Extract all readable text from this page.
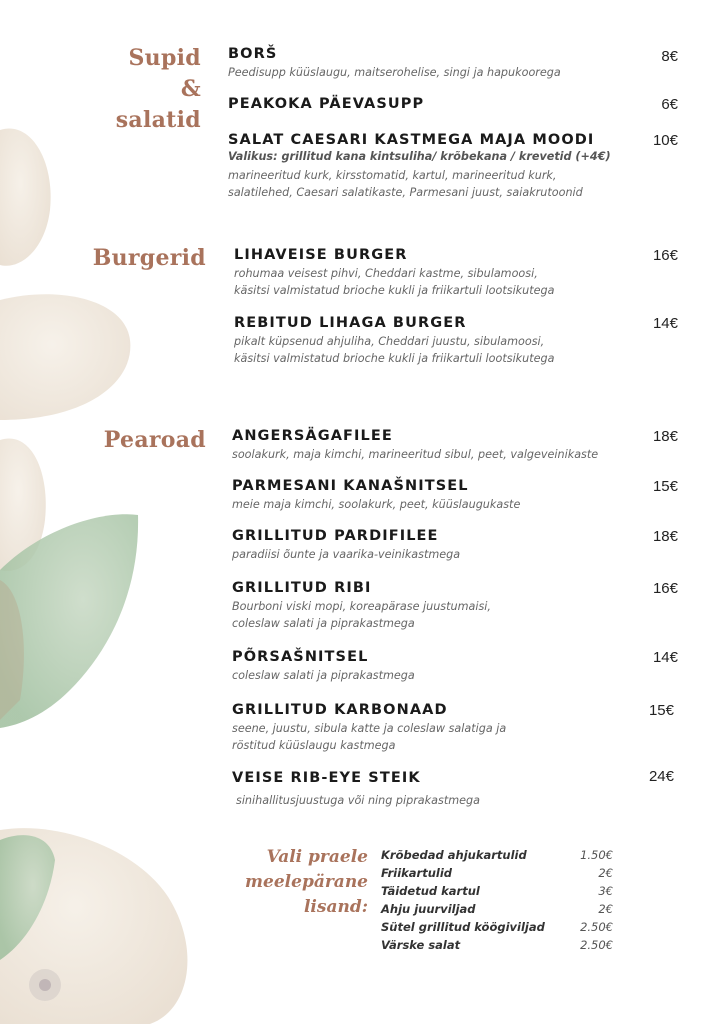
Supid
&
salatid
BORŠ
Peedisupp küüslaugu, maitserohelise, singi ja hapukoorega
8€
PEAKOKA PÄEVASUPP	6€
SALAT CAESARI KASTMEGA MAJA MOODI
Valikus: grillitud kana kintsuliha/ krõbekana / krevetid (+4€)
marineeritud kurk, kirsstomatid, kartul, marineeritud kurk,
salatilehed, Caesari salatikaste, Parmesani juust, saiakrutoonid
10€
Burgerid LIHAVEISE BURGER
rohumaa veisest pihvi, Cheddari kastme, sibulamoosi,
käsitsi valmistatud brioche kukli ja friikartuli lootsikutega
16€
REBITUD LIHAGA BURGER
pikalt küpsenud ahjuliha, Cheddari juustu, sibulamoosi,
käsitsi valmistatud brioche kukli ja friikartuli lootsikutega
14€
Pearoad ANGERSÄGAFILEE
soolakurk, maja kimchi, marineeritud sibul, peet, valgeveinikaste
18€
PARMESANI KANAŠNITSEL
meie maja kimchi, soolakurk, peet, küüslaugukaste
15€
GRILLITUD PARDIFILEE
paradiisi õunte ja vaarika-veinikastmega
18€
GRILLITUD RIBI
Bourboni viski mopi, koreapärase juustumaisi,
coleslaw salati ja piprakastmega
16€
PÕRSAŠNITSEL
coleslaw salati ja piprakastmega
14€
GRILLITUD KARBONAAD
seene, juustu, sibula katte ja coleslaw salatiga ja
röstitud küüslaugu kastmega
15€
VEISE RIB-EYE STEIK
sinihallitusjuustuga või ning piprakastmega
24€
Vali praele
meelepärane
lisand:
Krõbedad ahjukartulid	1.50€
Friikartulid	2€
Täidetud kartul	3€
Ahju juurviljad	2€
Sütel grillitud köögiviljad	2.50€
Värske salat	2.50€
